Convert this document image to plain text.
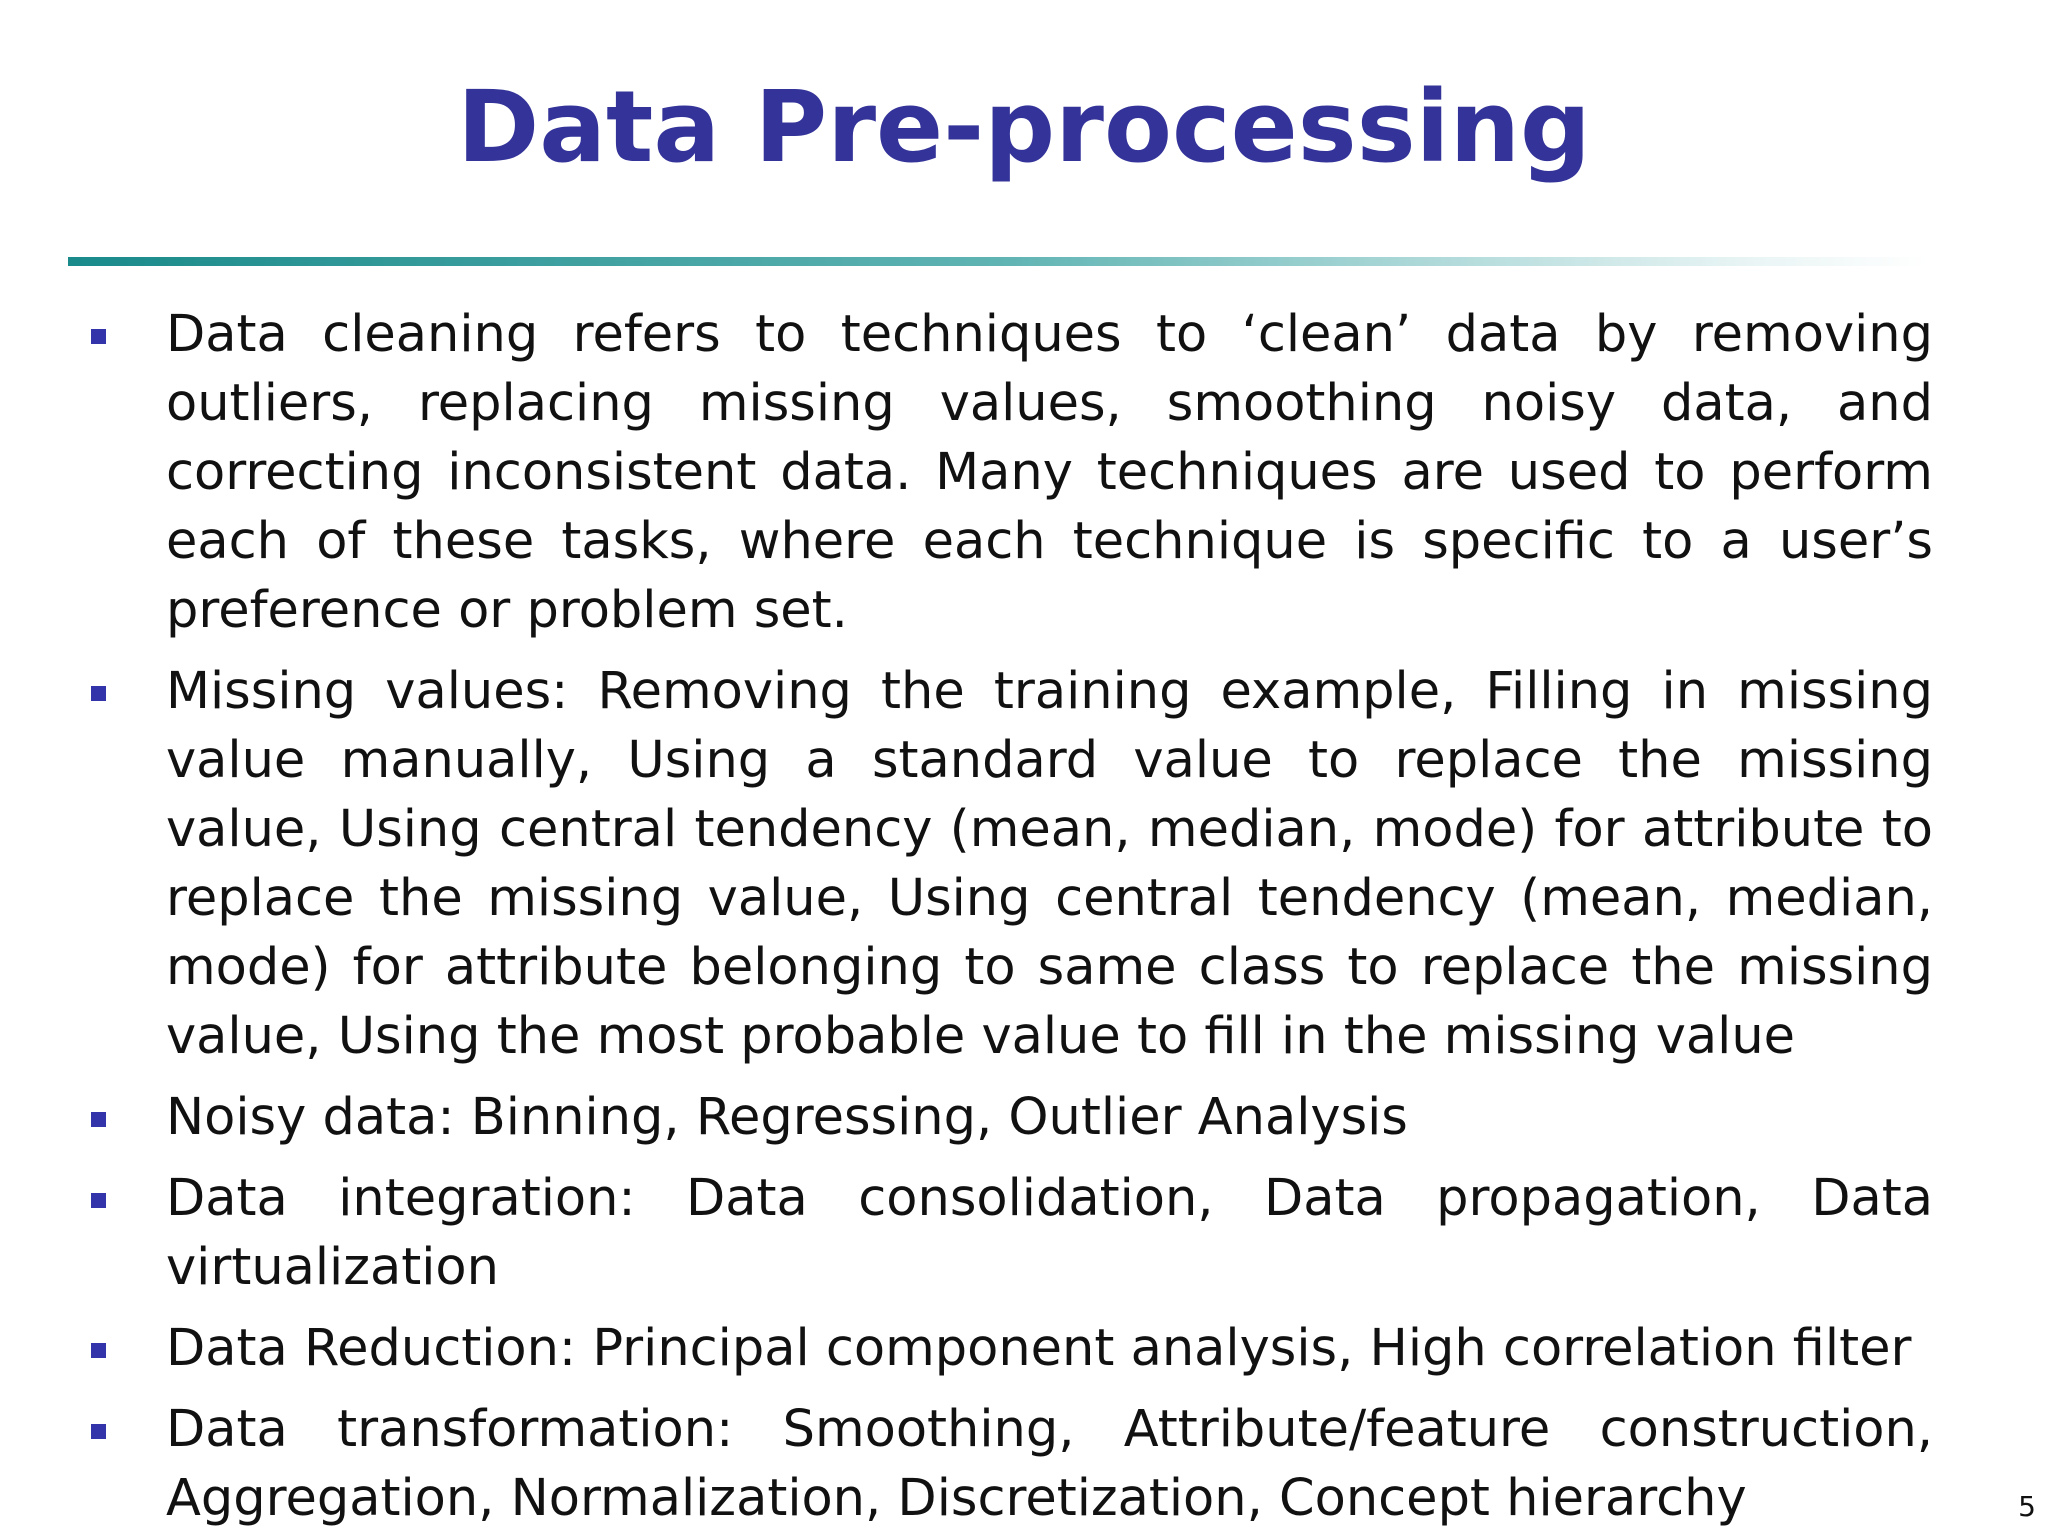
Data Pre-processing
Data cleaning refers to techniques to ‘clean’ data by removing outliers, replacing missing values, smoothing noisy data, and correcting inconsistent data. Many techniques are used to perform each of these tasks, where each technique is specific to a user’s preference or problem set.
Missing values: Removing the training example, Filling in missing value manually, Using a standard value to replace the missing value, Using central tendency (mean, median, mode) for attribute to replace the missing value, Using central tendency (mean, median, mode) for attribute belonging to same class to replace the missing value, Using the most probable value to fill in the missing value
Noisy data: Binning, Regressing, Outlier Analysis
Data integration: Data consolidation, Data propagation, Data virtualization
Data Reduction: Principal component analysis, High correlation filter
Data transformation: Smoothing, Attribute/feature construction, Aggregation, Normalization, Discretization, Concept hierarchy	5
